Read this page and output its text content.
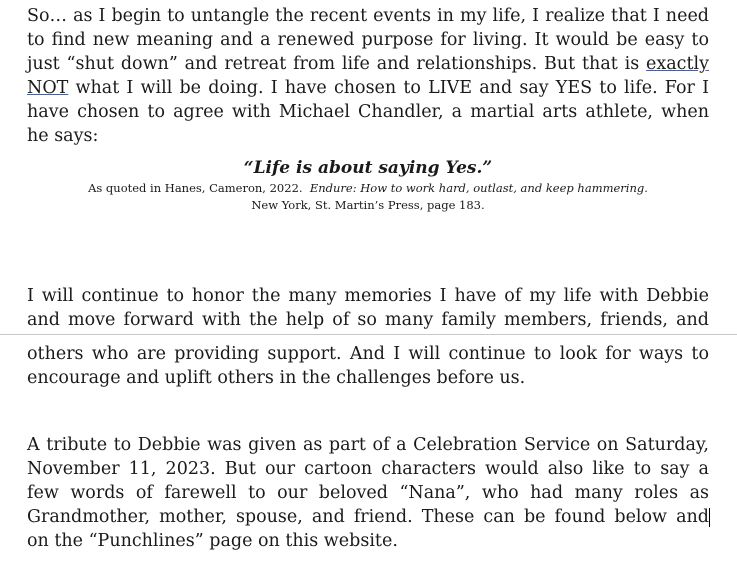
So… as I begin to untangle the recent events in my life, I realize that I need
to find new meaning and a renewed purpose for living. It would be easy to
just “shut down” and retreat from life and relationships. But that is exactly
NOT what I will be doing. I have chosen to LIVE and say YES to life. For I
have chosen to agree with Michael Chandler, a martial arts athlete, when
he says:

“Life is about saying Yes.”

As quoted in Hanes, Cameron, 2022. Endure: How to work hard, outlast, and keep hammering.

New York, St. Martin’s Press, page 183.

I will continue to honor the many memories I have of my life with Debbie
and move forward with the help of so many family members, friends, and
others who are providing support. And I will continue to look for ways to
encourage and uplift others in the challenges before us.
A tribute to Debbie was given as part of a Celebration Service on Saturday,
November 11, 2023. But our cartoon characters would also like to say a
few words of farewell to our beloved “Nana”, who had many roles as
Grandmother, mother, spouse, and friend. These can be found below and
on the “Punchlines” page on this website.
